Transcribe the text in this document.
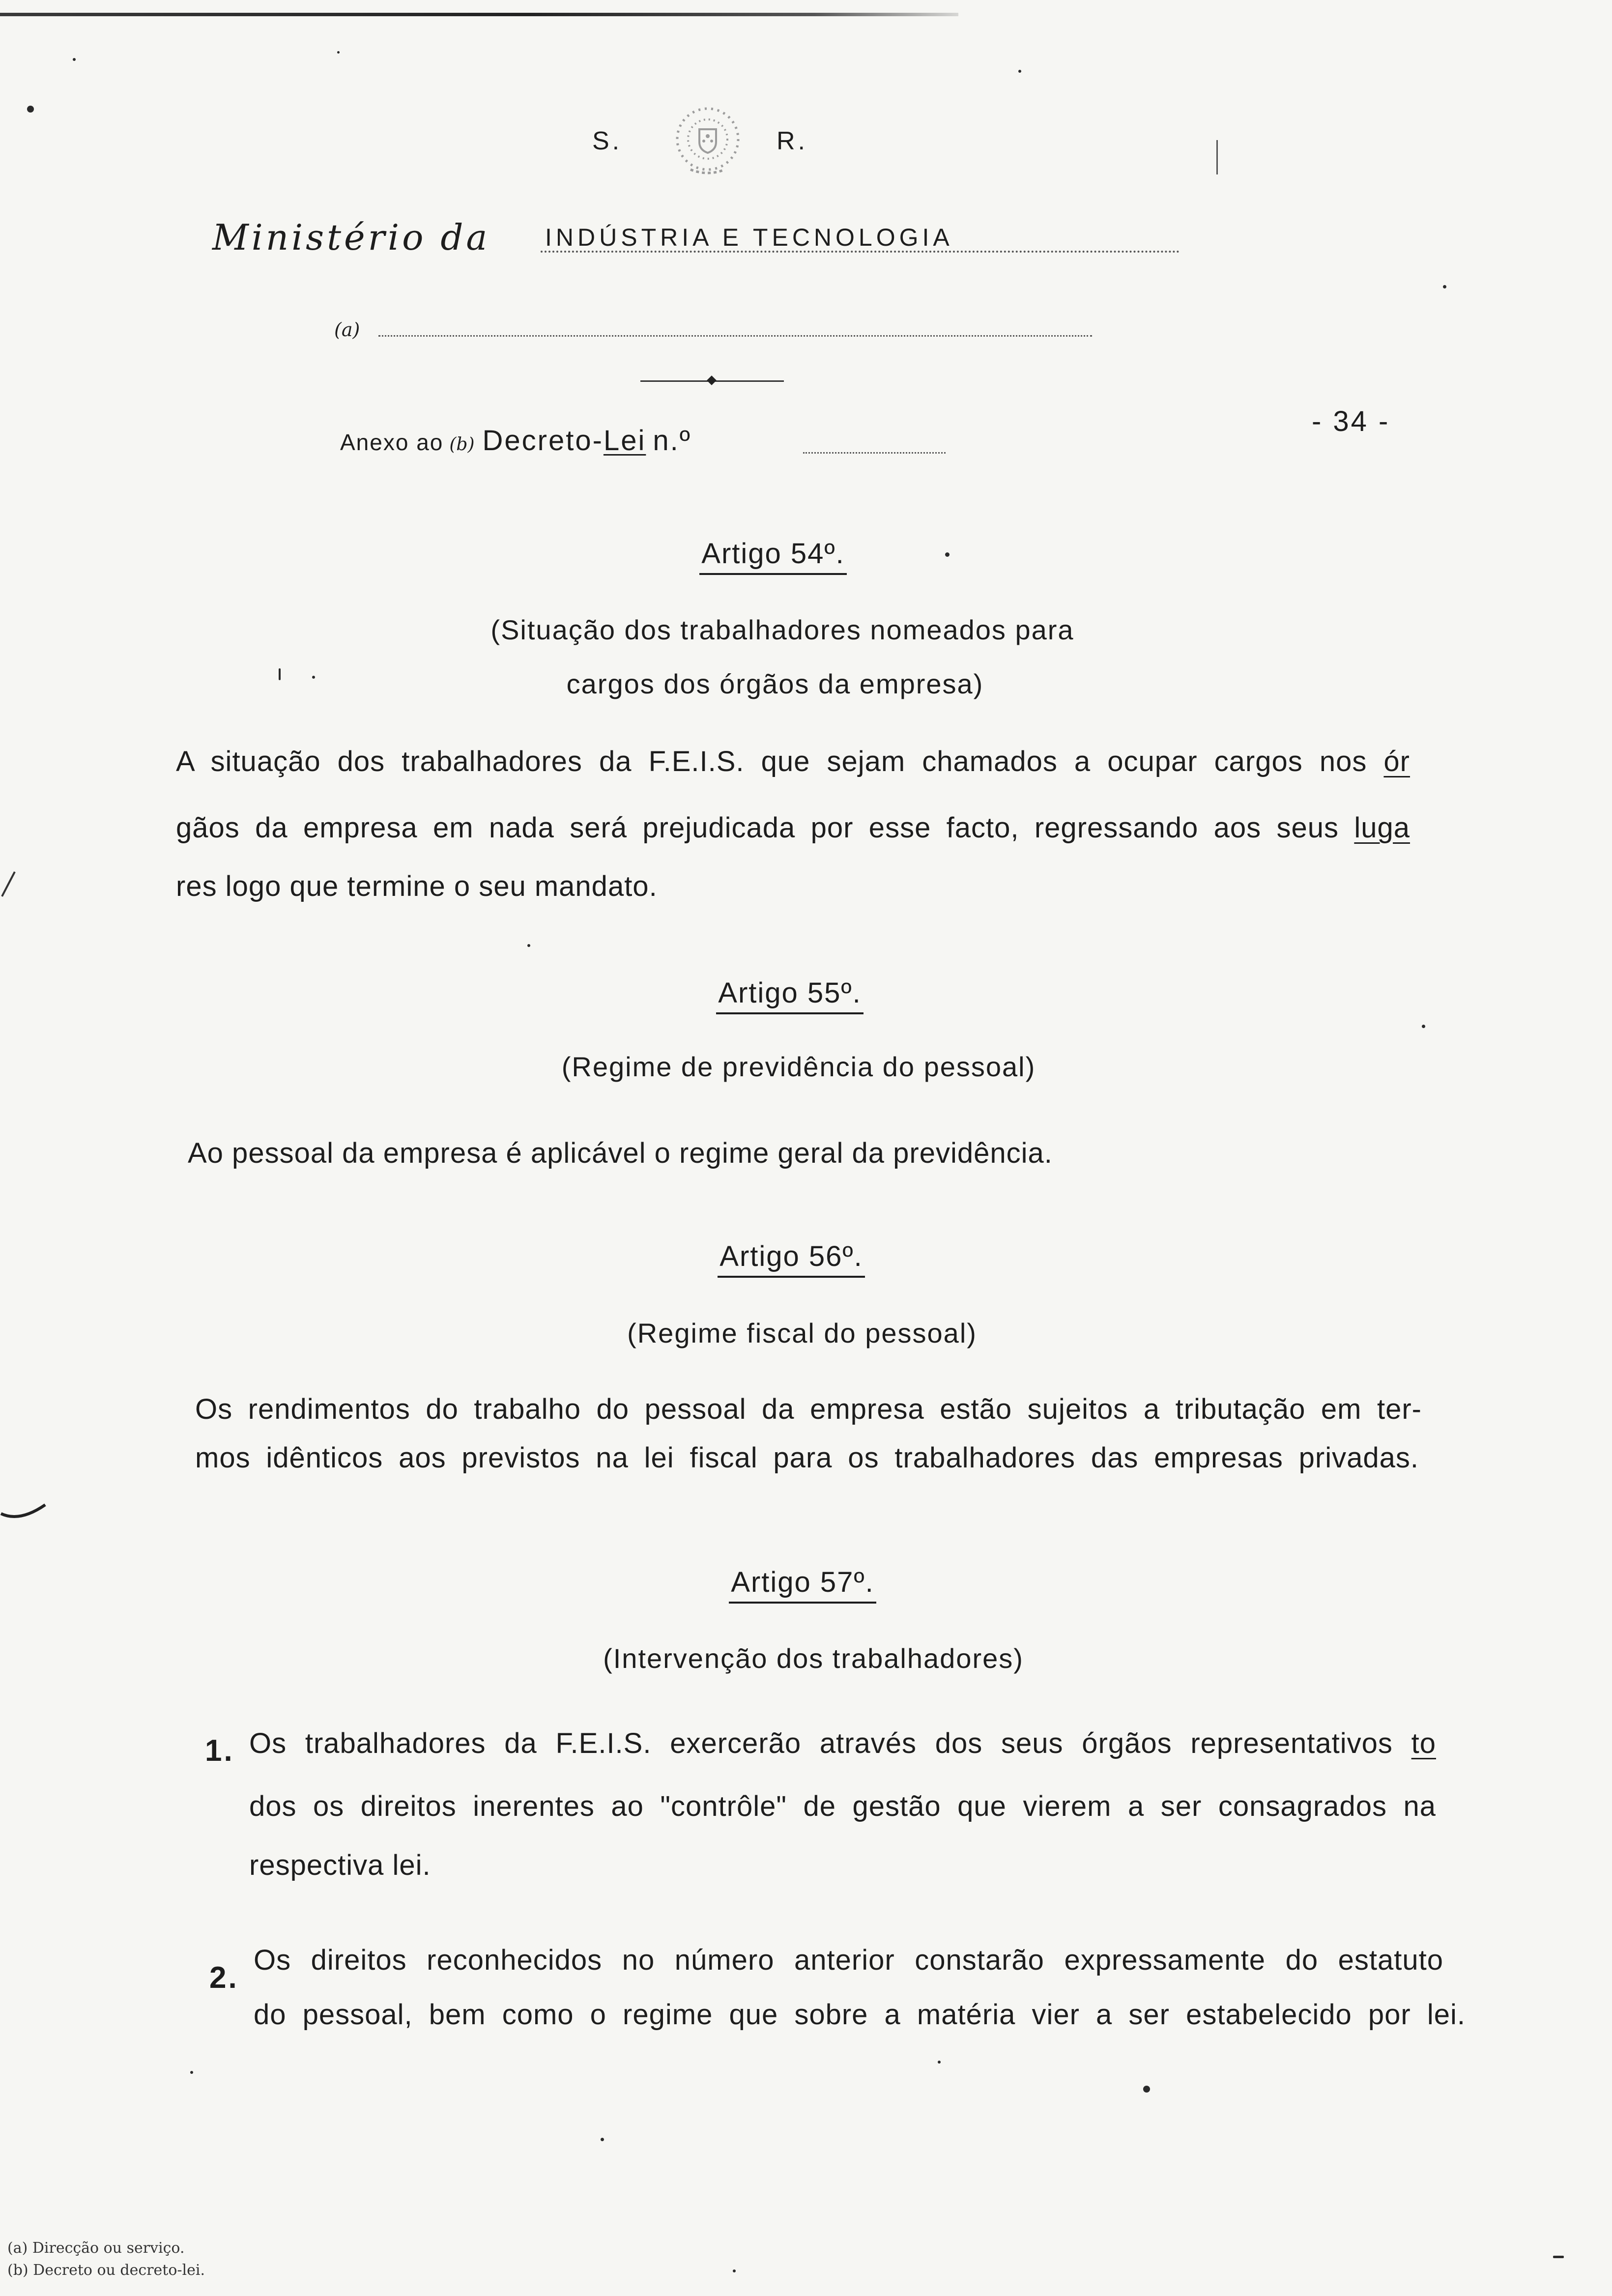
S.	R.
Ministério da INDÚSTRIA E TECNOLOGIA
(a)
Anexo ao (b) Decreto-Lei n.º
- 34 -
Artigo 54º.
(Situação dos trabalhadores nomeados para
cargos dos órgãos da empresa)
A situação dos trabalhadores da F.E.I.S. que sejam chamados a ocupar cargos nos ór
gãos da empresa em nada será prejudicada por esse facto, regressando aos seus luga
res logo que termine o seu mandato.
Artigo 55º.
(Regime de previdência do pessoal)
Ao pessoal da empresa é aplicável o regime geral da previdência.
Artigo 56º.
(Regime fiscal do pessoal)
Os rendimentos do trabalho do pessoal da empresa estão sujeitos a tributação em ter-
mos idênticos aos previstos na lei fiscal para os trabalhadores das empresas privadas.
Artigo 57º.
(Intervenção dos trabalhadores)
1. Os trabalhadores da F.E.I.S. exercerão através dos seus órgãos representativos to
dos os direitos inerentes ao "contrôle" de gestão que vierem a ser consagrados na
respectiva lei.
2.
Os direitos reconhecidos no número anterior constarão expressamente do estatuto
do pessoal, bem como o regime que sobre a matéria vier a ser estabelecido por lei.
(a) Direcção ou serviço.
(b) Decreto ou decreto-lei.
